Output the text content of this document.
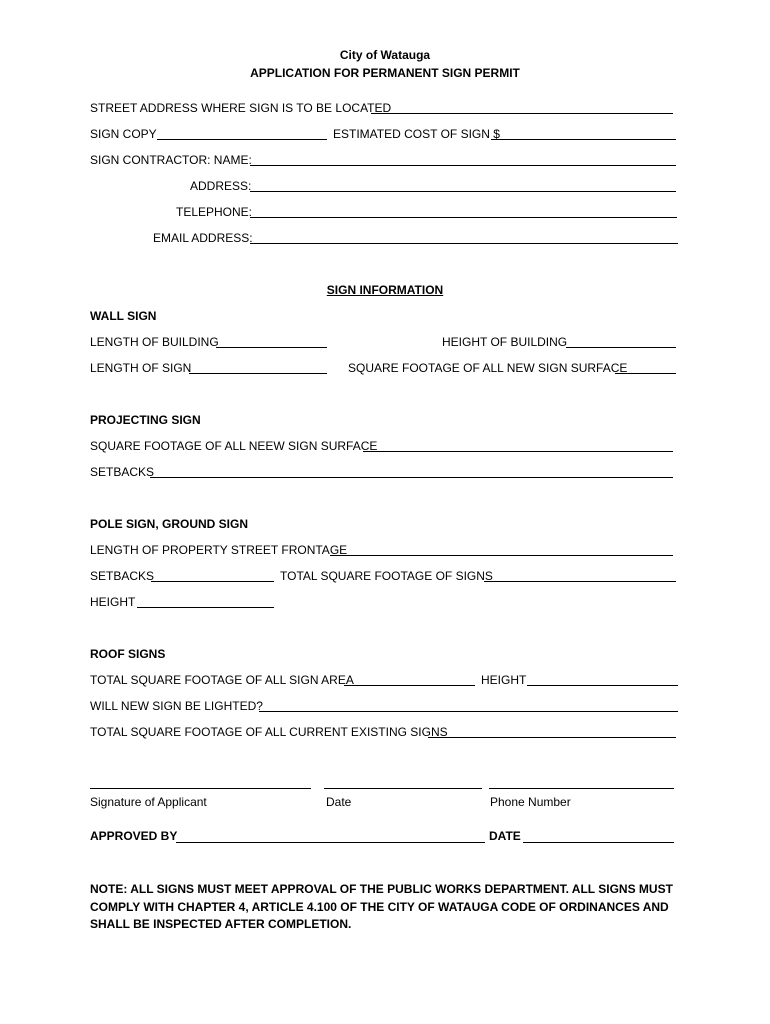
City of Watauga
APPLICATION FOR PERMANENT SIGN PERMIT
STREET ADDRESS WHERE SIGN IS TO BE LOCATED
SIGN COPY	ESTIMATED COST OF SIGN $
SIGN CONTRACTOR: NAME:
ADDRESS:
TELEPHONE:
EMAIL ADDRESS:
SIGN INFORMATION
WALL SIGN
LENGTH OF BUILDING	HEIGHT OF BUILDING
LENGTH OF SIGN	SQUARE FOOTAGE OF ALL NEW SIGN SURFACE
PROJECTING SIGN
SQUARE FOOTAGE OF ALL NEEW SIGN SURFACE
SETBACKS
POLE SIGN, GROUND SIGN
LENGTH OF PROPERTY STREET FRONTAGE
SETBACKS	TOTAL SQUARE FOOTAGE OF SIGNS
HEIGHT
ROOF SIGNS
TOTAL SQUARE FOOTAGE OF ALL SIGN AREA	HEIGHT
WILL NEW SIGN BE LIGHTED?
TOTAL SQUARE FOOTAGE OF ALL CURRENT EXISTING SIGNS
Signature of Applicant	Date	Phone Number
APPROVED BY	DATE
NOTE: ALL SIGNS MUST MEET APPROVAL OF THE PUBLIC WORKS DEPARTMENT. ALL SIGNS MUST COMPLY WITH CHAPTER 4, ARTICLE 4.100 OF THE CITY OF WATAUGA CODE OF ORDINANCES AND SHALL BE INSPECTED AFTER COMPLETION.
